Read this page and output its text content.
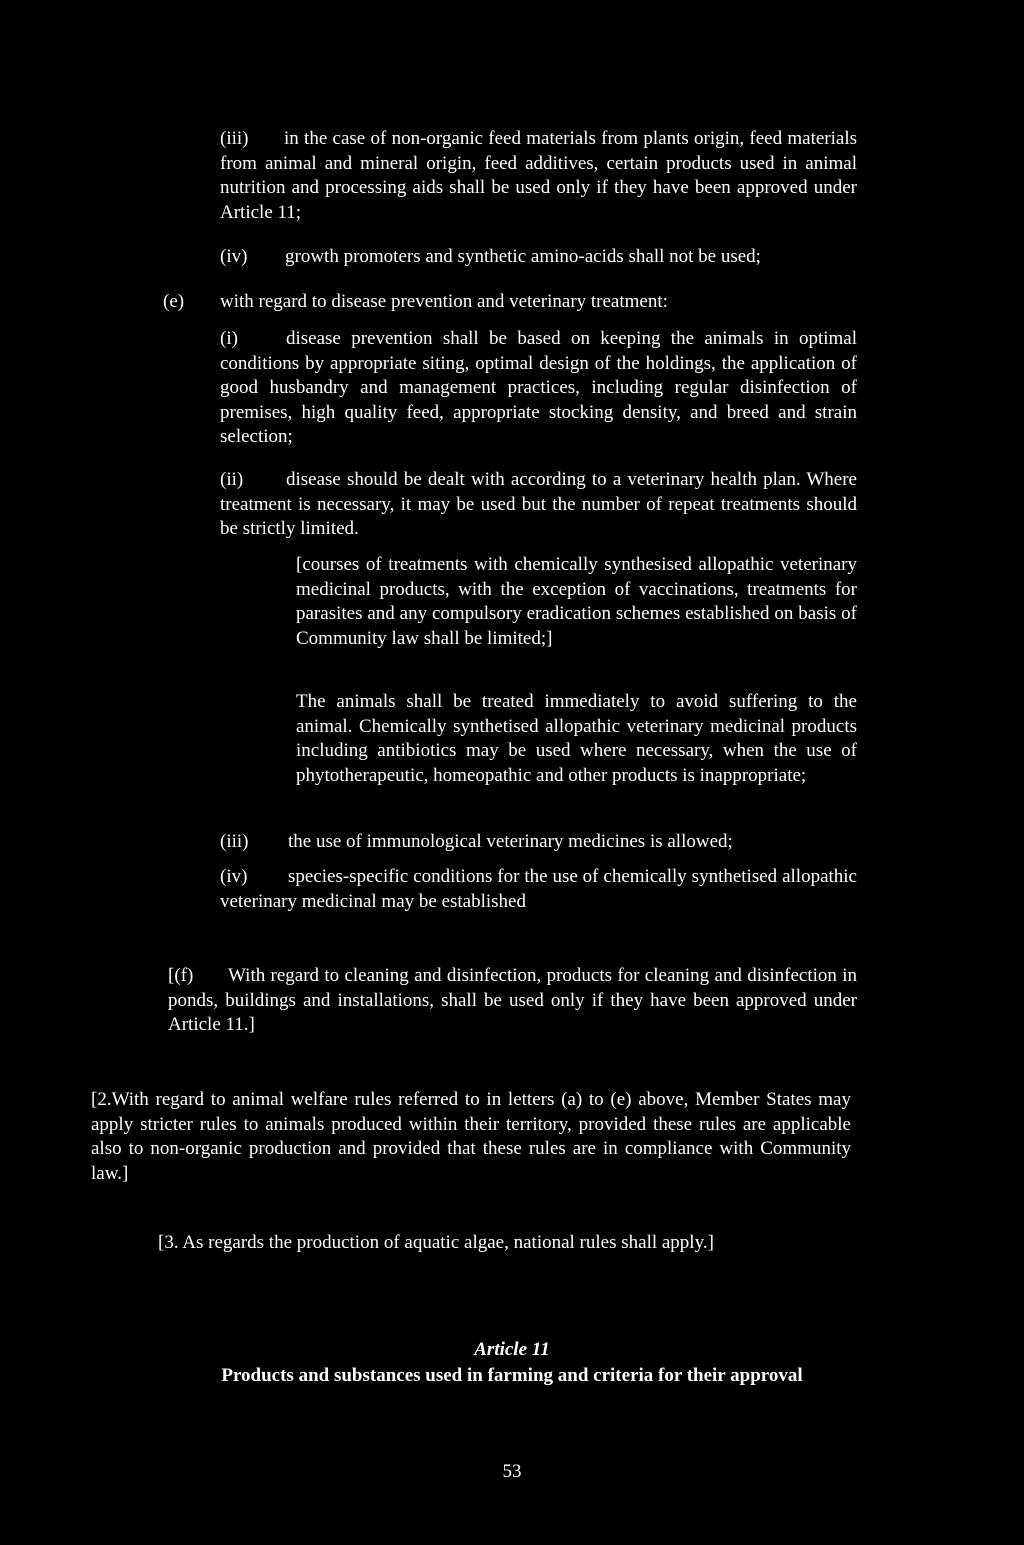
(iii) in the case of non-organic feed materials from plants origin, feed materials from animal and mineral origin, feed additives, certain products used in animal nutrition and processing aids shall be used only if they have been approved under Article 11;

(iv) growth promoters and synthetic amino-acids shall not be used;

(e) with regard to disease prevention and veterinary treatment:

(i)	disease prevention shall be based on keeping the animals in optimal conditions by appropriate siting, optimal design of the holdings, the application of good husbandry and management practices, including regular disinfection of premises, high quality feed, appropriate stocking density, and breed and strain selection;

(ii) disease should be dealt with according to a veterinary health plan. Where treatment is necessary, it may be used but the number of repeat treatments should be strictly limited.

[courses of treatments with chemically synthesised allopathic veterinary medicinal products, with the exception of vaccinations, treatments for parasites and any compulsory eradication schemes established on basis of Community law shall be limited;]

The animals shall be treated immediately to avoid suffering to the animal. Chemically synthetised allopathic veterinary medicinal products including antibiotics may be used where necessary, when the use of phytotherapeutic, homeopathic and other products is inappropriate;

(iii) the use of immunological veterinary medicines is allowed;

(iv) species-specific conditions for the use of chemically synthetised allopathic veterinary medicinal may be established

[(f) With regard to cleaning and disinfection, products for cleaning and disinfection in ponds, buildings and installations, shall be used only if they have been approved under Article 11.]

[2.With regard to animal welfare rules referred to in letters (a) to (e) above, Member States may apply stricter rules to animals produced within their territory, provided these rules are applicable also to non-organic production and provided that these rules are in compliance with Community law.]

[3. As regards the production of aquatic algae, national rules shall apply.]

Article 11

Products and substances used in farming and criteria for their approval

53
